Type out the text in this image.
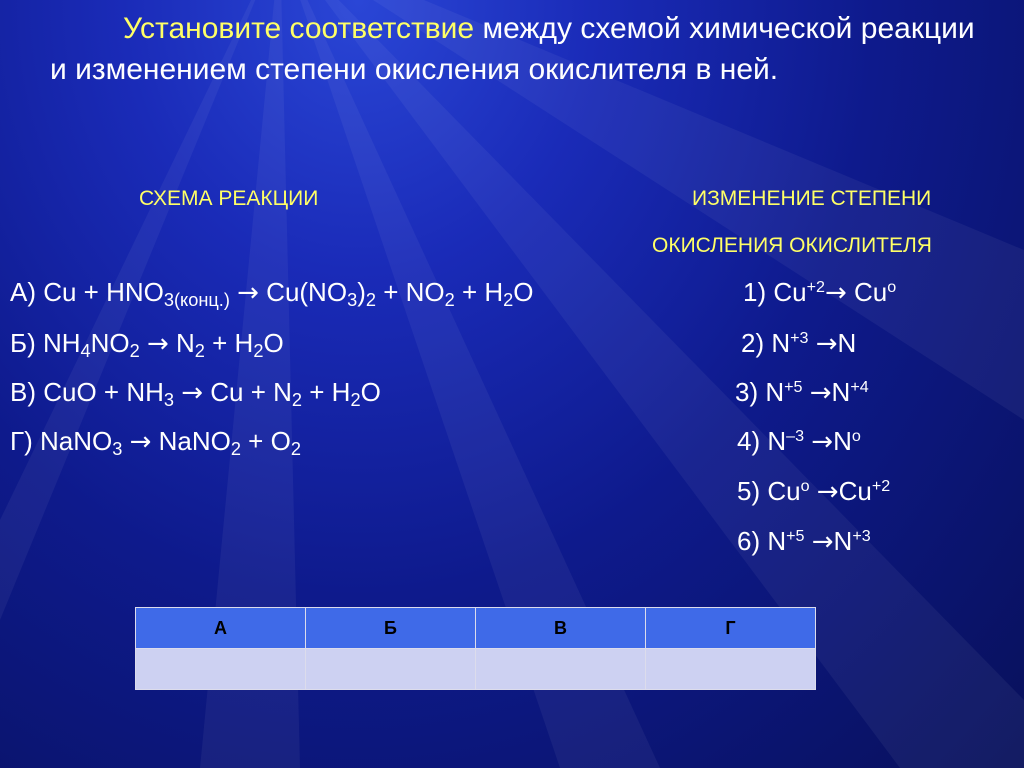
Установите соответствие между схемой химической реакции и изменением степени окисления окислителя в ней.
СХЕМА РЕАКЦИИ	ИЗМЕНЕНИЕ СТЕПЕНИ
ОКИСЛЕНИЯ ОКИСЛИТЕЛЯ
А) $Cu + HNO_{3(конц.)} \to Cu(NO_3)_2 + NO_2 + H_2O$
Б) $NH_4NO_2 \to N_2 + H_2O$
В) CuO + $NH_3 \to Cu + N_2 + H_2O$
Г) NaNO$_3$ → NaNO$_2$ + $O_2$
1) $Cu^{+2}\to Cu^o$
2) $N^{+3} \to N$
3) $N^{+5} \to N^{+4}$
4) $N^{-3} \to N^o$
5) $Cu^o \to Cu^{+2}$
6) $N^{+5} \to N^{+3}$
А	Б	В	Г
